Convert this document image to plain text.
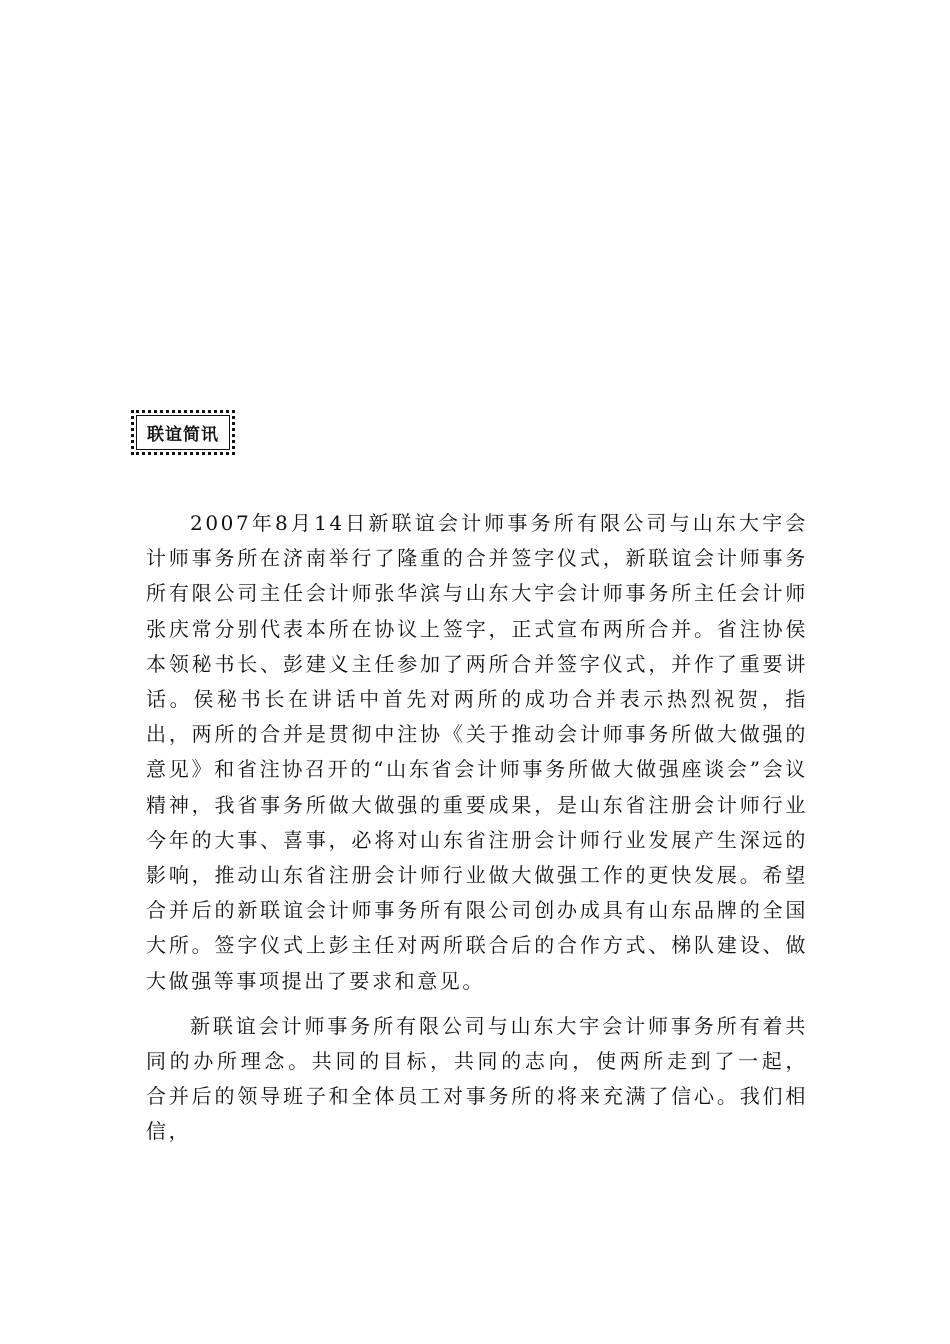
联谊简讯

2007年8月14日新联谊会计师事务所有限公司与山东大宇会计师事务所在济南举行了隆重的合并签字仪式，新联谊会计师事务所有限公司主任会计师张华滨与山东大宇会计师事务所主任会计师张庆常分别代表本所在协议上签字，正式宣布两所合并。省注协侯本领秘书长、彭建义主任参加了两所合并签字仪式，并作了重要讲话。侯秘书长在讲话中首先对两所的成功合并表示热烈祝贺，指出，两所的合并是贯彻中注协《关于推动会计师事务所做大做强的意见》和省注协召开的“山东省会计师事务所做大做强座谈会”会议精神，我省事务所做大做强的重要成果，是山东省注册会计师行业今年的大事、喜事，必将对山东省注册会计师行业发展产生深远的影响，推动山东省注册会计师行业做大做强工作的更快发展。希望合并后的新联谊会计师事务所有限公司创办成具有山东品牌的全国大所。签字仪式上彭主任对两所联合后的合作方式、梯队建设、做大做强等事项提出了要求和意见。

新联谊会计师事务所有限公司与山东大宇会计师事务所有着共同的办所理念。共同的目标，共同的志向，使两所走到了一起， 合并后的领导班子和全体员工对事务所的将来充满了信心。我们相信，
